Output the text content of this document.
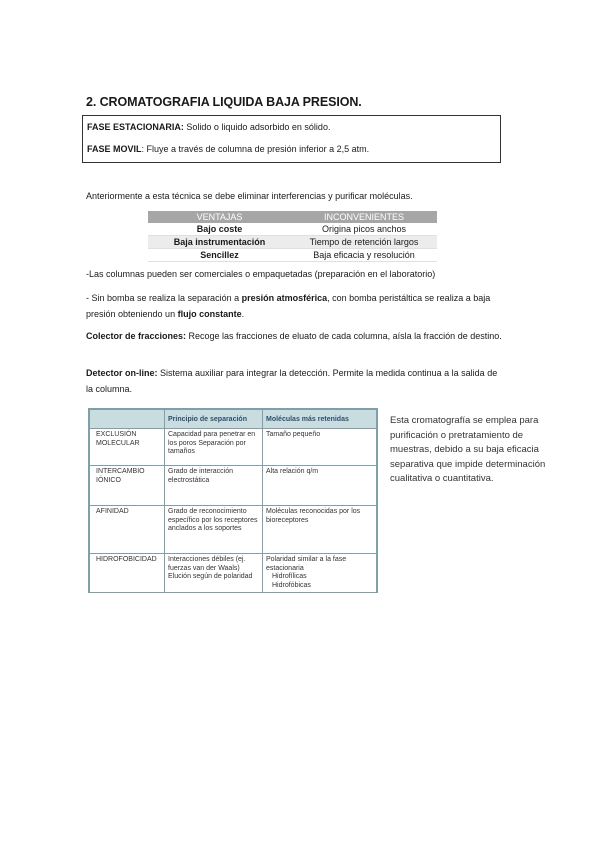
2. CROMATOGRAFIA LIQUIDA BAJA PRESION.
FASE ESTACIONARIA: Solido o liquido adsorbido en sólido.
FASE MOVIL: Fluye a través de columna de presión inferior a 2,5 atm.
Anteriormente a esta técnica se debe eliminar interferencias y purificar moléculas.
VENTAJAS	INCONVENIENTES
Bajo coste	Origina picos anchos
Baja instrumentación	Tiempo de retención largos
Sencillez	Baja eficacia y resolución
-Las columnas pueden ser comerciales o empaquetadas (preparación en el laboratorio)
- Sin bomba se realiza la separación a presión atmosférica, con bomba peristáltica se realiza a baja presión obteniendo un flujo constante.
Colector de fracciones: Recoge las fracciones de eluato de cada columna, aísla la fracción de destino.
Detector on-line: Sistema auxiliar para integrar la detección. Permite la medida continua a la salida de la columna.
	Principio de separación	Moléculas más retenidas
EXCLUSIÓN MOLECULAR	Capacidad para penetrar en los poros Separación por tamaños	Tamaño pequeño
INTERCAMBIO IÓNICO	Grado de interacción electrostática	Alta relación q/m
AFINIDAD	Grado de reconocimiento específico por los receptores anclados a los soportes	Moléculas reconocidas por los bioreceptores
HIDROFOBICIDAD	Interacciones débiles (ej. fuerzas van der Waals) Elución según de polaridad	Polaridad similar a la fase estacionaria
Hidrofílicas
Hidrofóbicas
Esta cromatografía se emplea para purificación o pretratamiento de muestras, debido a su baja eficacia separativa que impide determinación cualitativa o cuantitativa.
